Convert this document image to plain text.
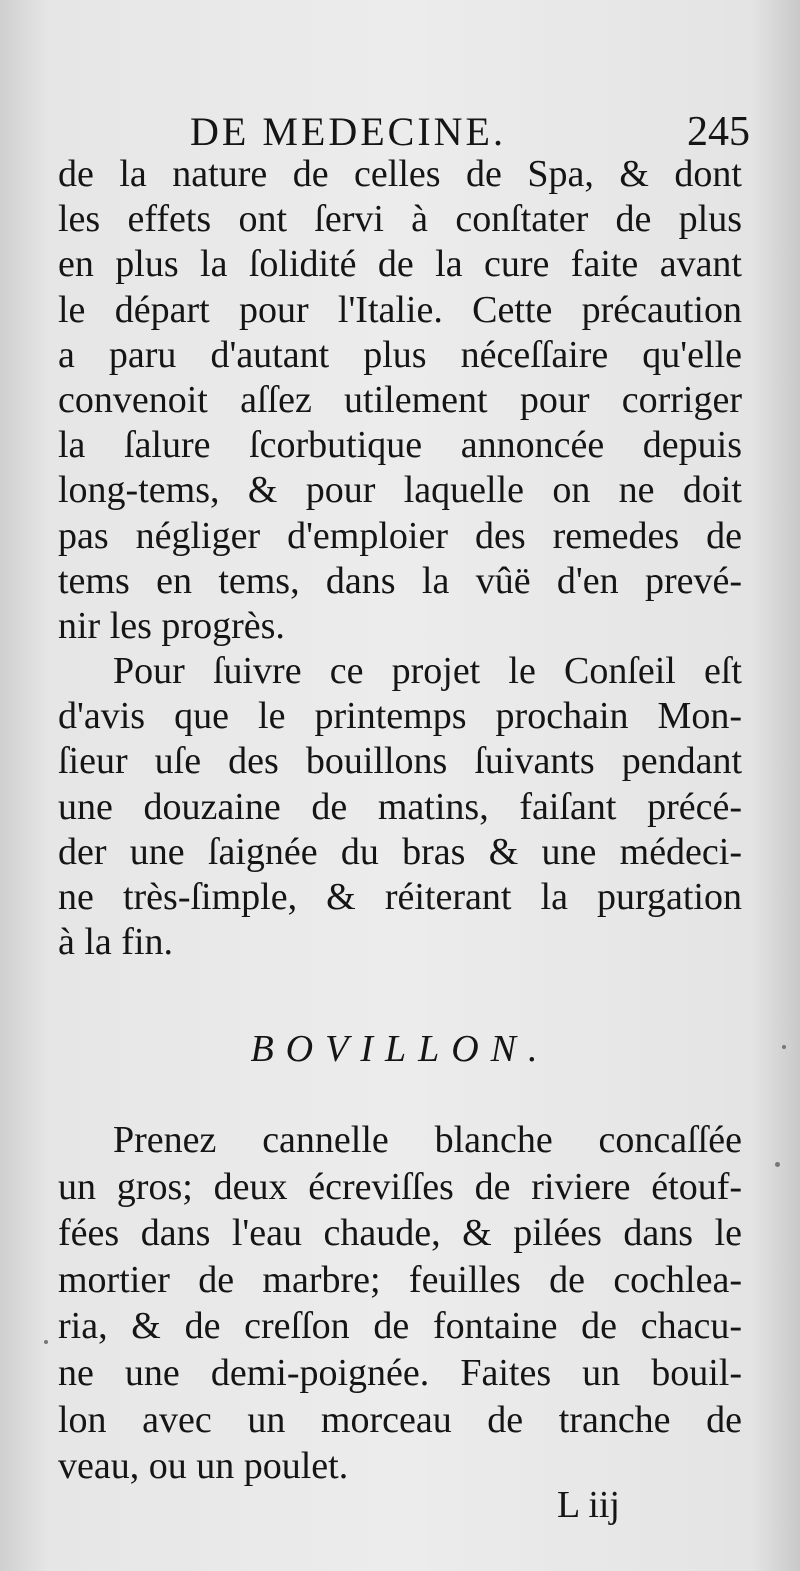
DE MEDECINE.	245
de la nature de celles de Spa, & dont
les effets ont ſervi à conſtater de plus
en plus la ſolidité de la cure faite avant
le départ pour l'Italie. Cette précaution
a paru d'autant plus néceſſaire qu'elle
convenoit aſſez utilement pour corriger
la ſalure ſcorbutique annoncée depuis
long-tems, & pour laquelle on ne doit
pas négliger d'emploier des remedes de
tems en tems, dans la vûë d'en prevé-
nir les progrès.
Pour ſuivre ce projet le Conſeil eſt
d'avis que le printemps prochain Mon-
ſieur uſe des bouillons ſuivants pendant
une douzaine de matins, faiſant précé-
der une ſaignée du bras & une médeci-
ne très-ſimple, & réiterant la purgation
à la fin.
BOVILLON.
Prenez cannelle blanche concaſſée
un gros; deux écreviſſes de riviere étouf-
fées dans l'eau chaude, & pilées dans le
mortier de marbre; feuilles de cochlea-
ria, & de creſſon de fontaine de chacu-
ne une demi-poignée. Faites un bouil-
lon avec un morceau de tranche de
veau, ou un poulet.
L iij
